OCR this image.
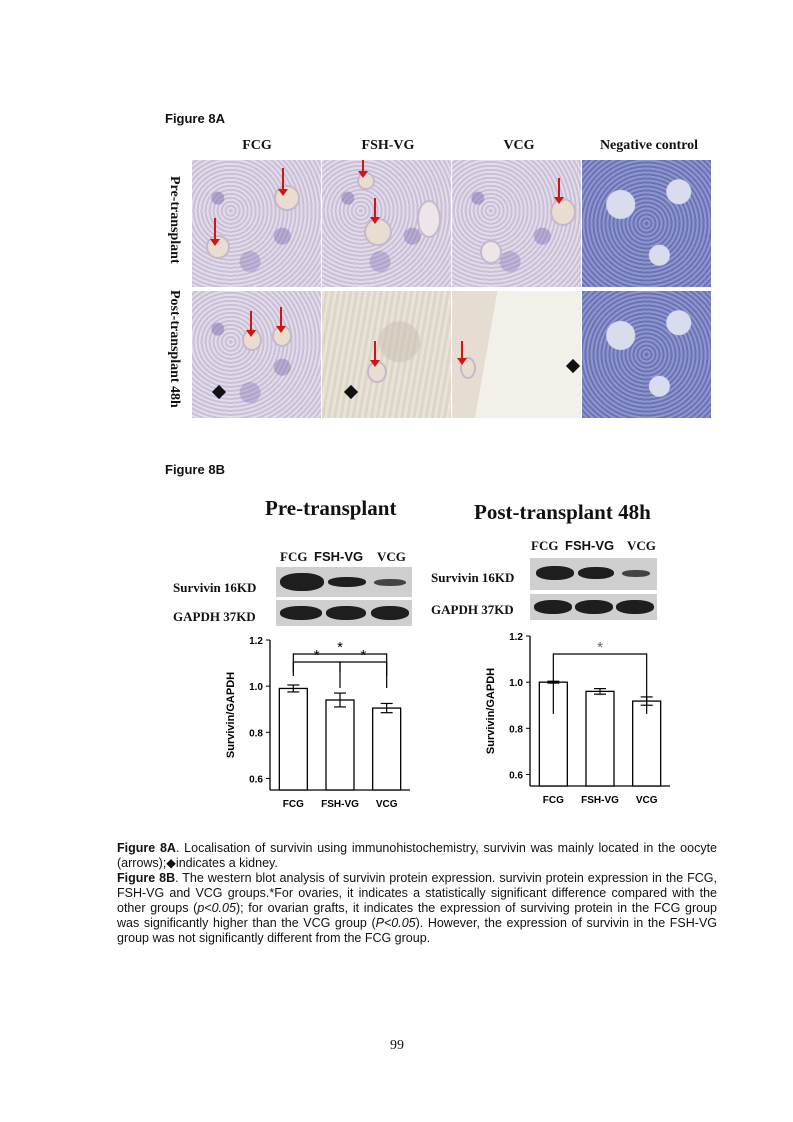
Figure 8A
FCG	FSH-VG	VCG	Negative control
Pre-transplant
Post-transplant 48h
Figure 8B
Pre-transplant
FCG FSH-VG VCG
Survivin 16KD
GAPDH 37KD
Post-transplant 48h
FCG FSH-VG VCG
Survivin 16KD
GAPDH 37KD
Survivin/GAPDH
1.2
1.0
0.8
0.6
FCG FSH-VG VCG
* * *
Survivin/GAPDH
1.2
1.0
0.8
0.6
FCG FSH-VG VCG
*
Figure 8A. Localisation of survivin using immunohistochemistry, survivin was mainly located in the oocyte (arrows);◆indicates a kidney.
Figure 8B. The western blot analysis of survivin protein expression. survivin protein expression in the FCG, FSH-VG and VCG groups.*For ovaries, it indicates a statistically significant difference compared with the other groups (p<0.05); for ovarian grafts, it indicates the expression of surviving protein in the FCG group was significantly higher than the VCG group (P<0.05). However, the expression of survivin in the FSH-VG group was not significantly different from the FCG group.
99
